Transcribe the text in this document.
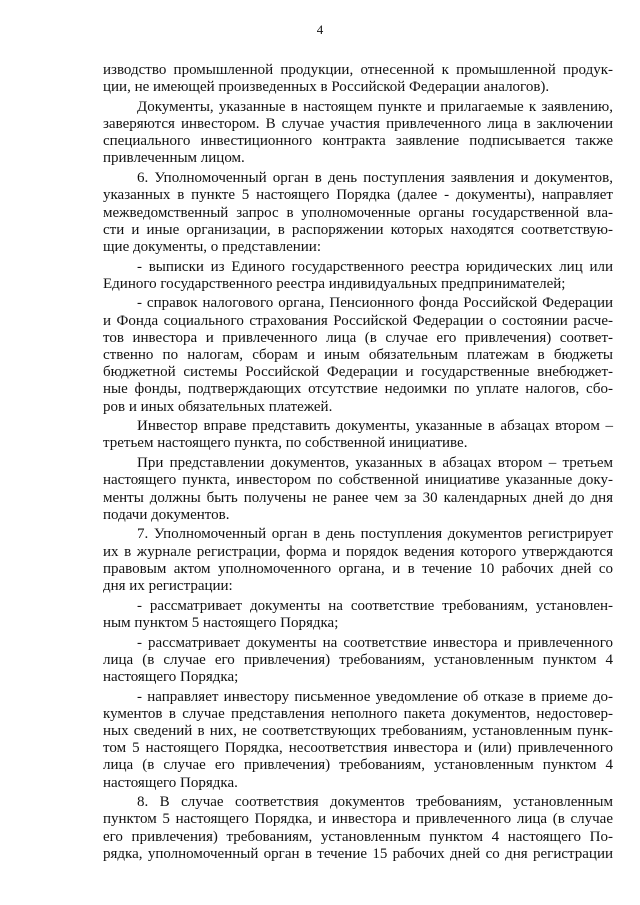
4
изводство промышленной продукции, отнесенной к промышленной продук-
ции, не имеющей произведенных в Российской Федерации аналогов).
Документы, указанные в настоящем пункте и прилагаемые к заявлению,
заверяются инвестором. В случае участия привлеченного лица в заключении
специального инвестиционного контракта заявление подписывается также
привлеченным лицом.
6. Уполномоченный орган в день поступления заявления и документов,
указанных в пункте 5 настоящего Порядка (далее - документы), направляет
межведомственный запрос в уполномоченные органы государственной вла-
сти и иные организации, в распоряжении которых находятся соответствую-
щие документы, о представлении:
- выписки из Единого государственного реестра юридических лиц или
Единого государственного реестра индивидуальных предпринимателей;
- справок налогового органа, Пенсионного фонда Российской Федерации
и Фонда социального страхования Российской Федерации о состоянии расче-
тов инвестора и привлеченного лица (в случае его привлечения) соответ-
ственно по налогам, сборам и иным обязательным платежам в бюджеты
бюджетной системы Российской Федерации и государственные внебюджет-
ные фонды, подтверждающих отсутствие недоимки по уплате налогов, сбо-
ров и иных обязательных платежей.
Инвестор вправе представить документы, указанные в абзацах втором –
третьем настоящего пункта, по собственной инициативе.
При представлении документов, указанных в абзацах втором – третьем
настоящего пункта, инвестором по собственной инициативе указанные доку-
менты должны быть получены не ранее чем за 30 календарных дней до дня
подачи документов.
7. Уполномоченный орган в день поступления документов регистрирует
их в журнале регистрации, форма и порядок ведения которого утверждаются
правовым актом уполномоченного органа, и в течение 10 рабочих дней со
дня их регистрации:
- рассматривает документы на соответствие требованиям, установлен-
ным пунктом 5 настоящего Порядка;
- рассматривает документы на соответствие инвестора и привлеченного
лица (в случае его привлечения) требованиям, установленным пунктом 4
настоящего Порядка;
- направляет инвестору письменное уведомление об отказе в приеме до-
кументов в случае представления неполного пакета документов, недостовер-
ных сведений в них, не соответствующих требованиям, установленным пунк-
том 5 настоящего Порядка, несоответствия инвестора и (или) привлеченного
лица (в случае его привлечения) требованиям, установленным пунктом 4
настоящего Порядка.
8. В случае соответствия документов требованиям, установленным
пунктом 5 настоящего Порядка, и инвестора и привлеченного лица (в случае
его привлечения) требованиям, установленным пунктом 4 настоящего По-
рядка, уполномоченный орган в течение 15 рабочих дней со дня регистрации
